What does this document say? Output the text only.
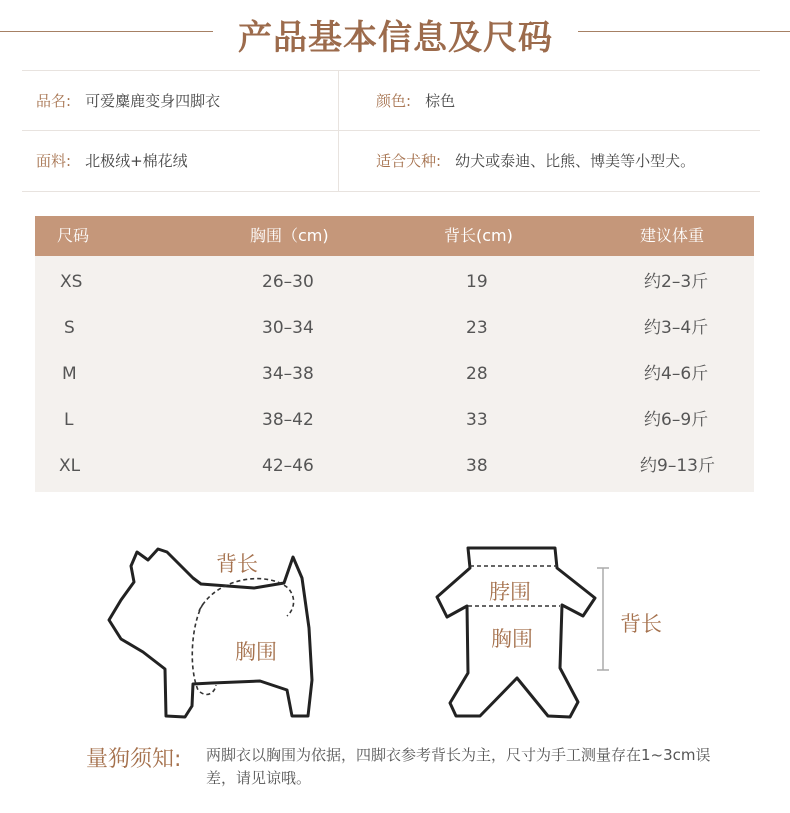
产品基本信息及尺码
品名: 可爱麋鹿变身四脚衣	颜色: 棕色
面料: 北极绒+棉花绒	适合犬种: 幼犬或泰迪、比熊、博美等小型犬。
尺码	胸围（cm)	背长(cm)	建议体重
XS	26–30	19	约2–3斤
S	30–34	23	约3–4斤
M	34–38	28	约4–6斤
L	38–42	33	约6–9斤
XL	42–46	38	约9–13斤
背长
胸围
脖围
胸围
背长
量狗须知: 两脚衣以胸围为依据，四脚衣参考背长为主，尺寸为手工测量存在1~3cm误差，请见谅哦。
